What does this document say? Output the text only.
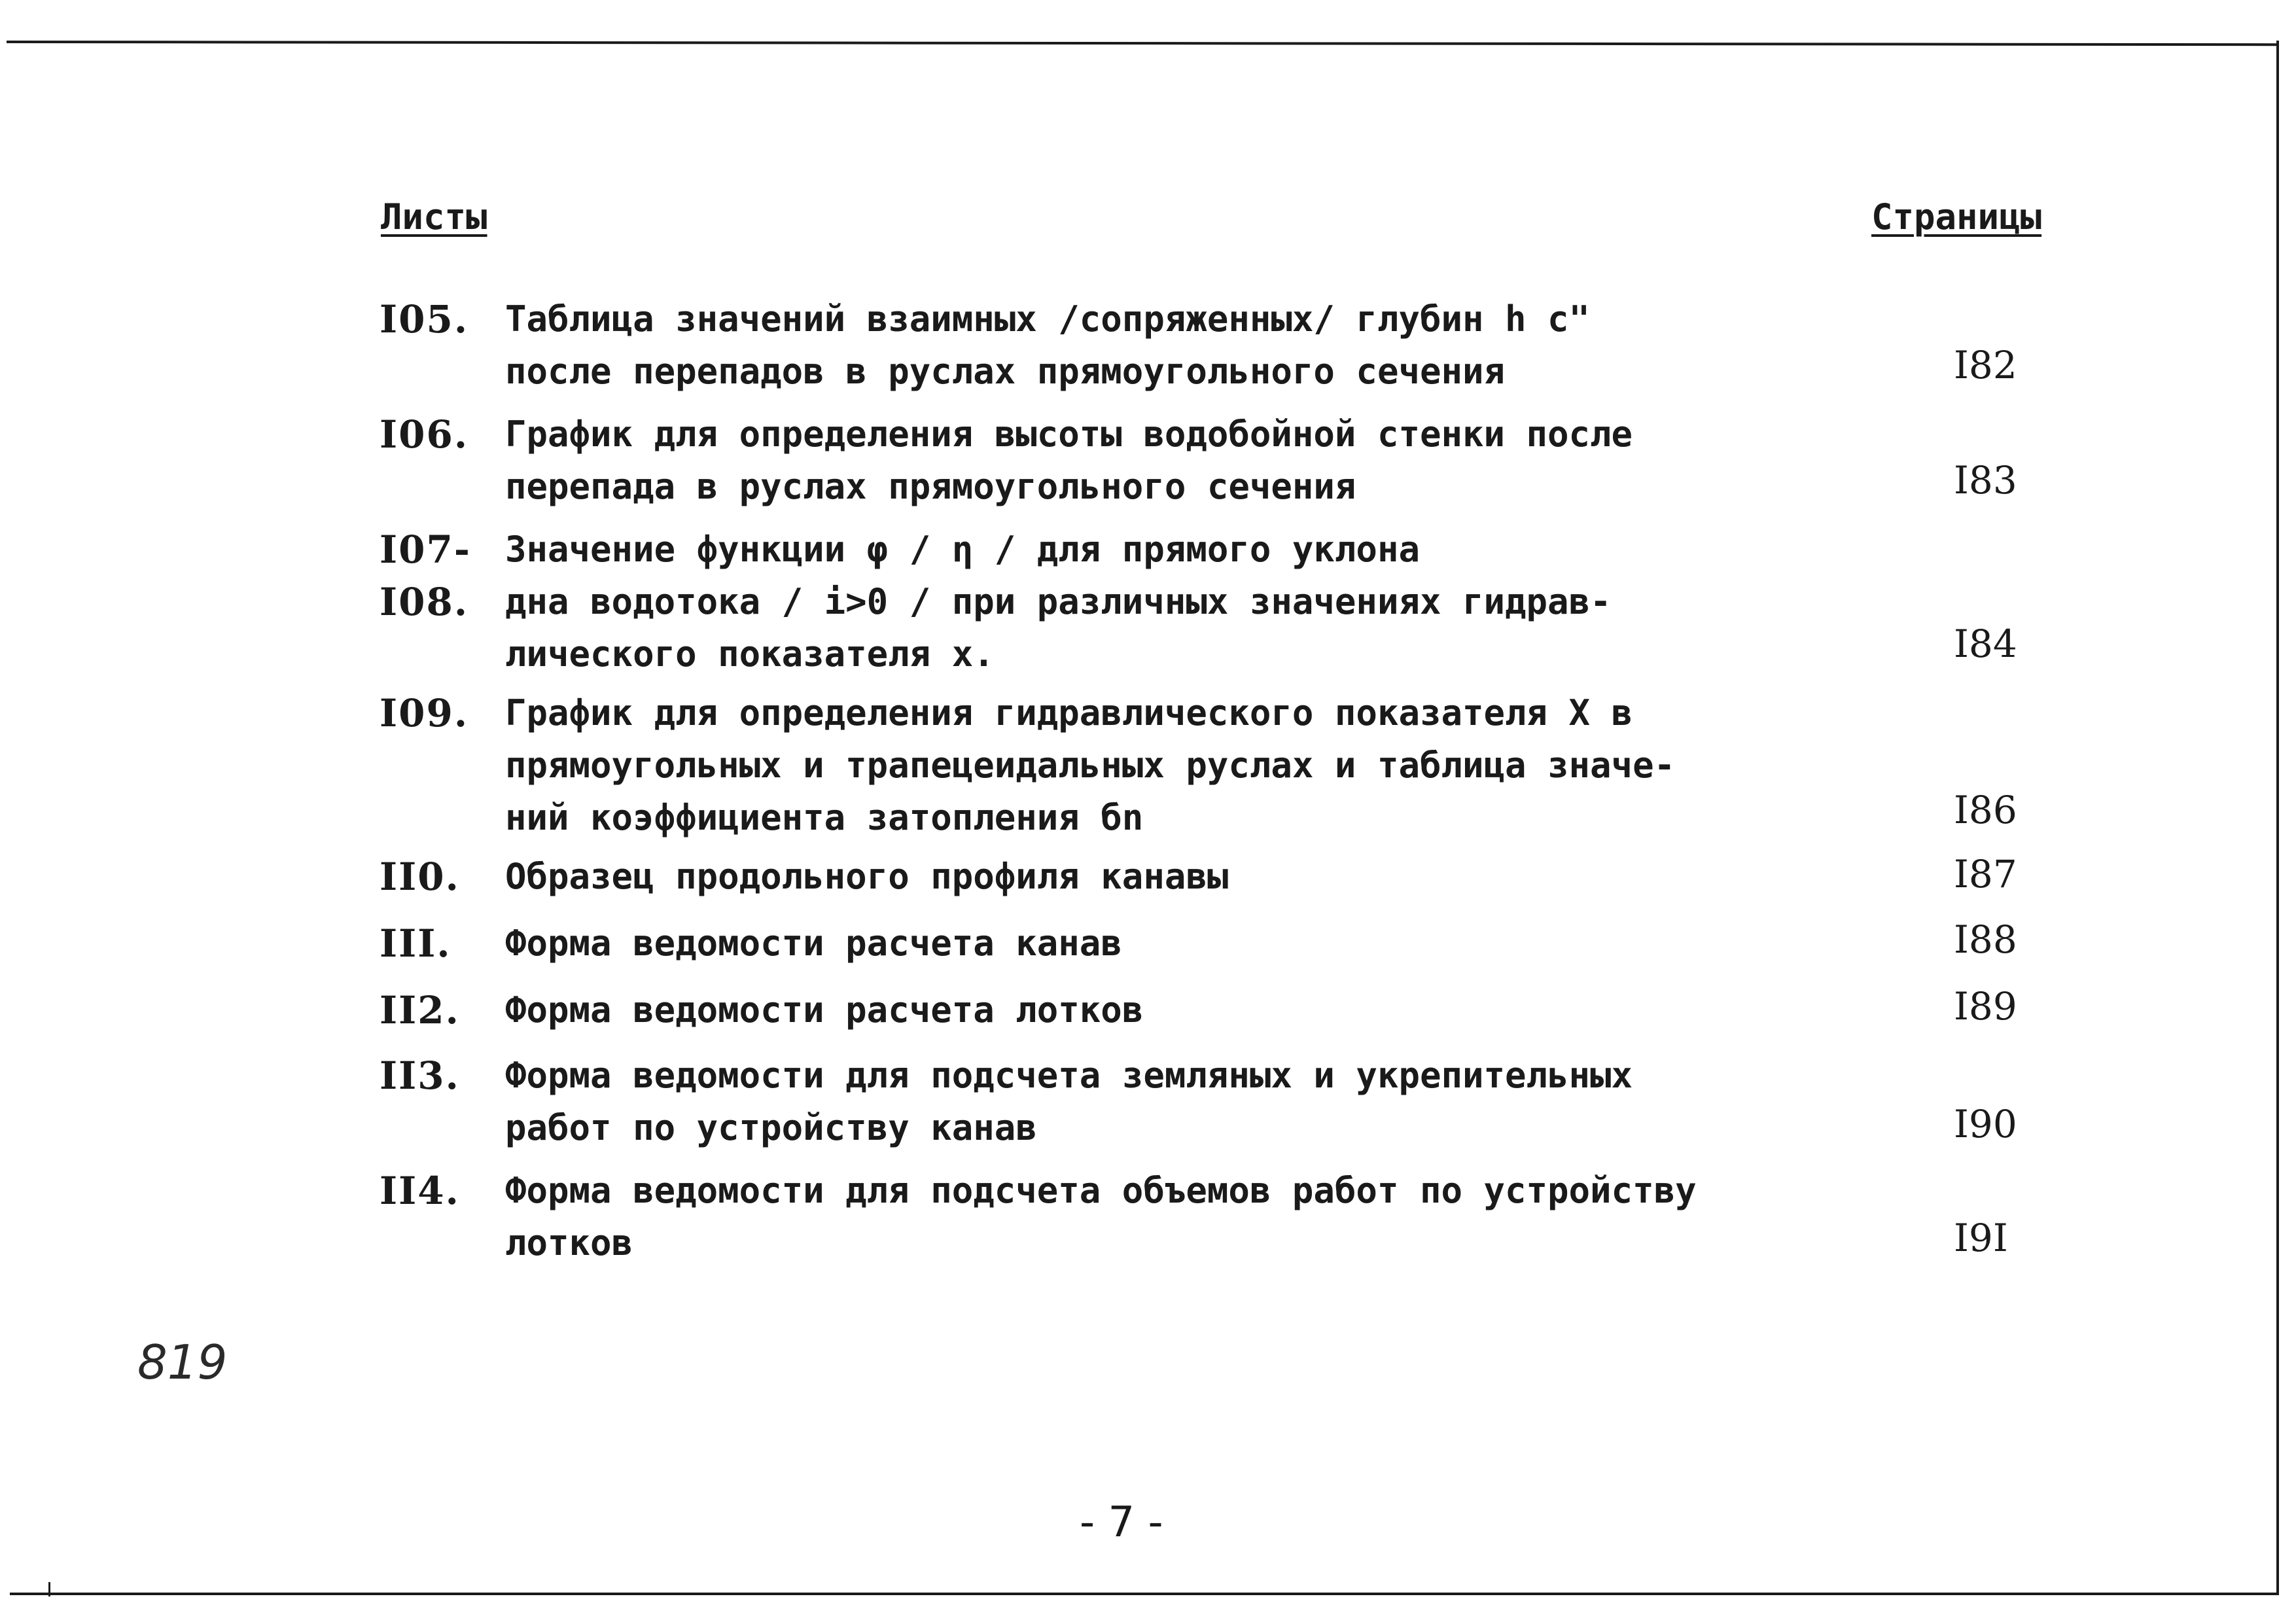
Листы	Страницы
I05.	Таблица значений взаимных /сопряженных/ глубин h c"
после перепадов в руслах прямоугольного сечения	I82
I06.	График для определения высоты водобойной стенки после
перепада в руслах прямоугольного сечения	I83
I07-
I08.
Значение функции φ / η / для прямого уклона
дна водотока / i>0 / при различных значениях гидрав-
лического показателя x.	I84
I09.	График для определения гидравлического показателя X в
прямоугольных и трапецеидальных руслах и таблица значе-
ний коэффициента затопления бn	I86
II0.	Образец продольного профиля канавы	I87
III.	Форма ведомости расчета канав	I88
II2.	Форма ведомости расчета лотков	I89
II3.	Форма ведомости для подсчета земляных и укрепительных
работ по устройству канав	I90
II4.	Форма ведомости для подсчета объемов работ по устройству
лотков	I9I
819
- 7 -
